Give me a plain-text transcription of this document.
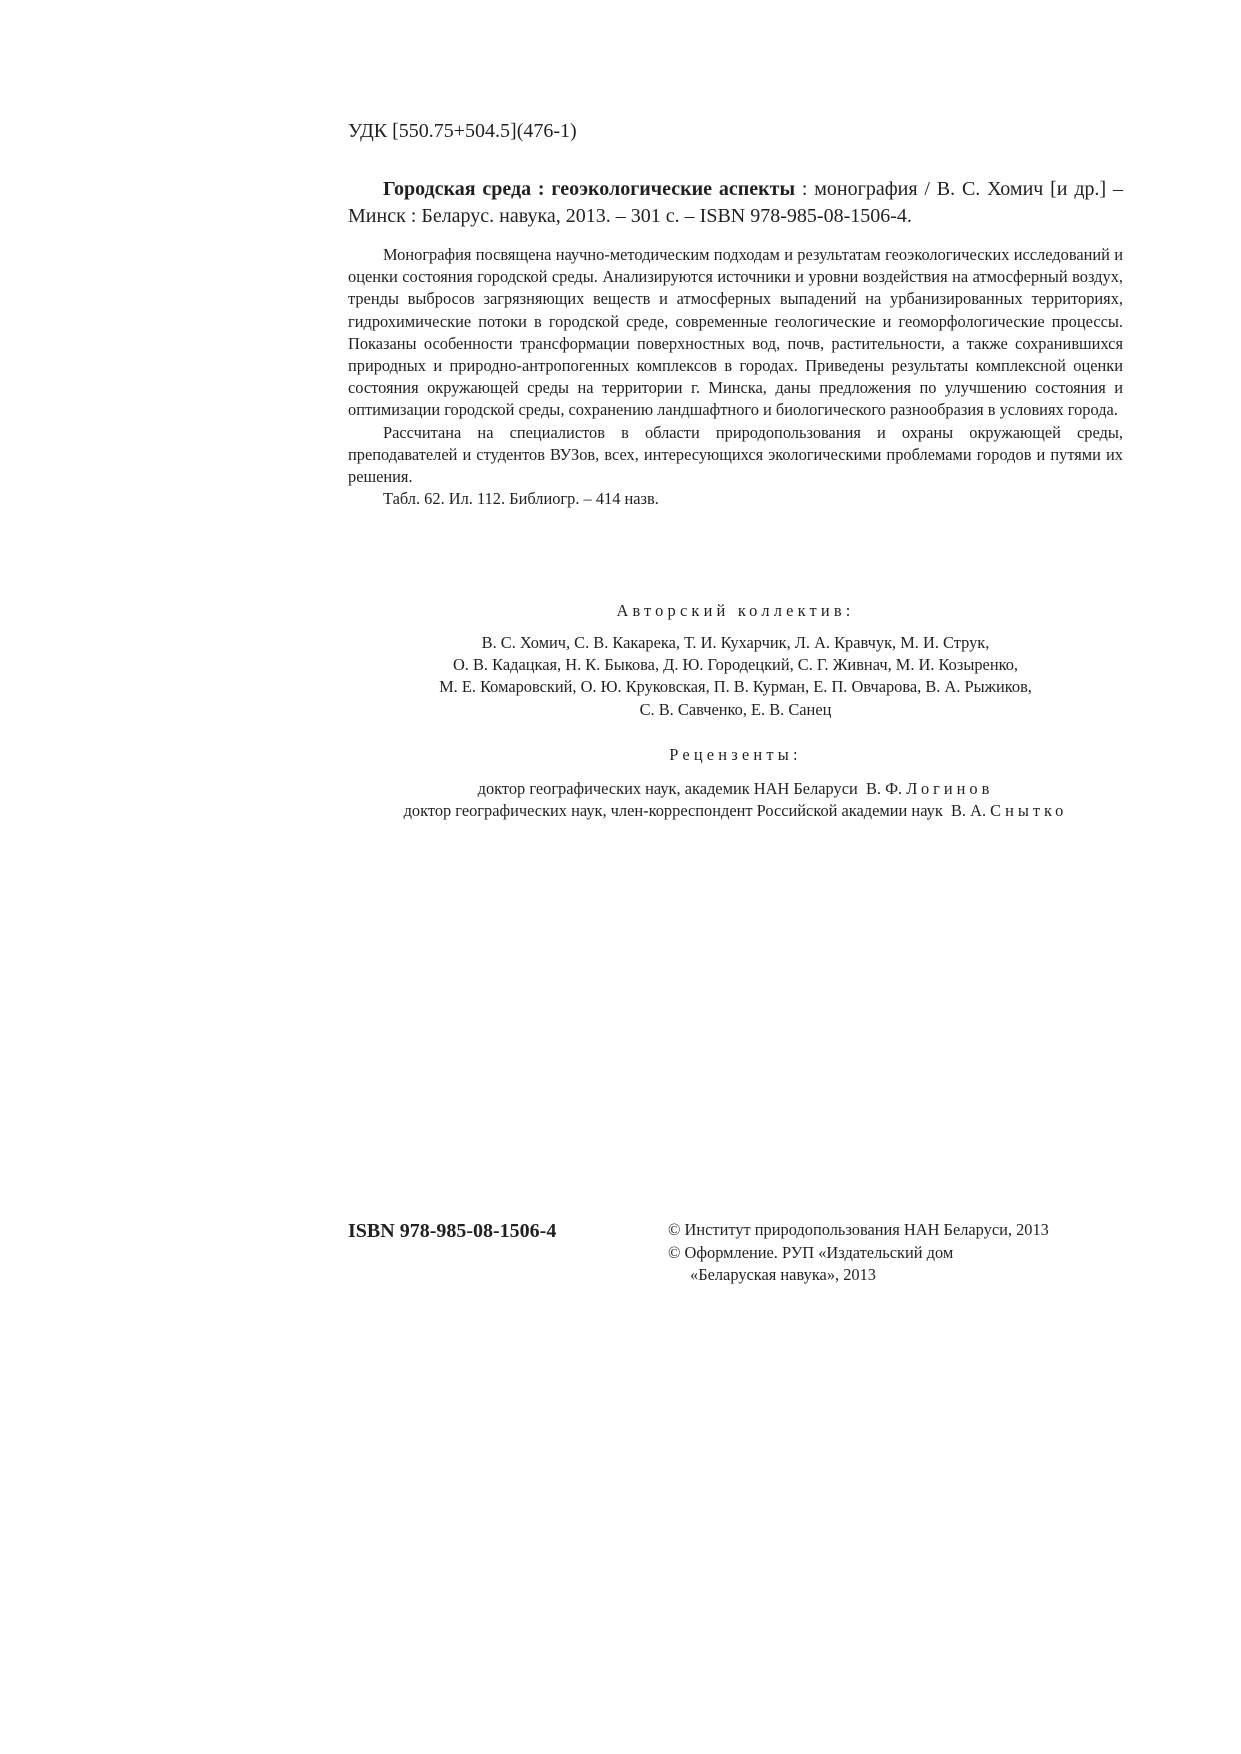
УДК [550.75+504.5](476-1)

Городская среда : геоэкологические аспекты : монография / В. С. Хомич [и др.] – Минск : Беларус. навука, 2013. – 301 с. – ISBN 978-985-08-1506-4.

Монография посвящена научно-методическим подходам и результатам геоэкологических исследований и оценки состояния городской среды. Анализируются источники и уровни воздействия на атмосферный воздух, тренды выбросов загрязняющих веществ и атмосферных выпадений на урбанизированных территориях, гидрохимические потоки в городской среде, современные геологические и геоморфологические процессы. Показаны особенности трансформации поверхностных вод, почв, растительности, а также сохранившихся природных и природно-антропогенных комплексов в городах. Приведены результаты комплексной оценки состояния окружающей среды на территории г. Минска, даны предложения по улучшению состояния и оптимизации городской среды, сохранению ландшафтного и биологического разнообразия в условиях города.

Рассчитана на специалистов в области природопользования и охраны окружающей среды, преподавателей и студентов ВУЗов, всех, интересующихся экологическими проблемами городов и путями их решения.

Табл. 62. Ил. 112. Библиогр. – 414 назв.

Авторский коллектив:
В. С. Хомич, С. В. Какарека, Т. И. Кухарчик, Л. А. Кравчук, М. И. Струк,
О. В. Кадацкая, Н. К. Быкова, Д. Ю. Городецкий, С. Г. Живнач, М. И. Козыренко,
М. Е. Комаровский, О. Ю. Круковская, П. В. Курман, Е. П. Овчарова, В. А. Рыжиков,
С. В. Савченко, Е. В. Санец
Рецензенты:
доктор географических наук, академик НАН Беларуси В. Ф. Логинов
доктор географических наук, член-корреспондент Российской академии наук В. А. Снытко
ISBN 978-985-08-1506-4	© Институт природопользования НАН Беларуси, 2013
© Оформление. РУП «Издательский дом
«Беларуская навука», 2013
